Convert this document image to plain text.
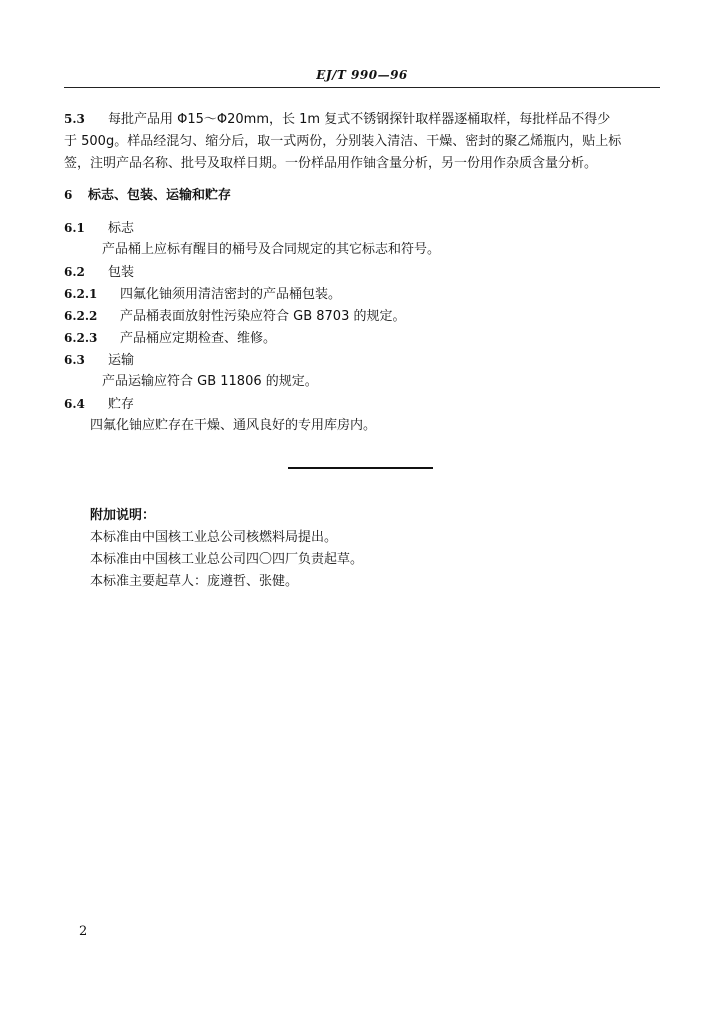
EJ/T 990—96
5.3 每批产品用 Φ15～Φ20mm，长 1m 复式不锈钢探针取样器逐桶取样，每批样品不得少
于 500g。样品经混匀、缩分后，取一式两份，分别装入清洁、干燥、密封的聚乙烯瓶内，贴上标
签，注明产品名称、批号及取样日期。一份样品用作铀含量分析，另一份用作杂质含量分析。
6 标志、包装、运输和贮存
6.1 标志
产品桶上应标有醒目的桶号及合同规定的其它标志和符号。
6.2 包装
6.2.1 四氟化铀须用清洁密封的产品桶包装。
6.2.2 产品桶表面放射性污染应符合 GB 8703 的规定。
6.2.3 产品桶应定期检查、维修。
6.3 运输
产品运输应符合 GB 11806 的规定。
6.4 贮存
四氟化铀应贮存在干燥、通风良好的专用库房内。
附加说明：
本标准由中国核工业总公司核燃料局提出。
本标准由中国核工业总公司四〇四厂负责起草。
本标准主要起草人：庞遵哲、张健。
2
